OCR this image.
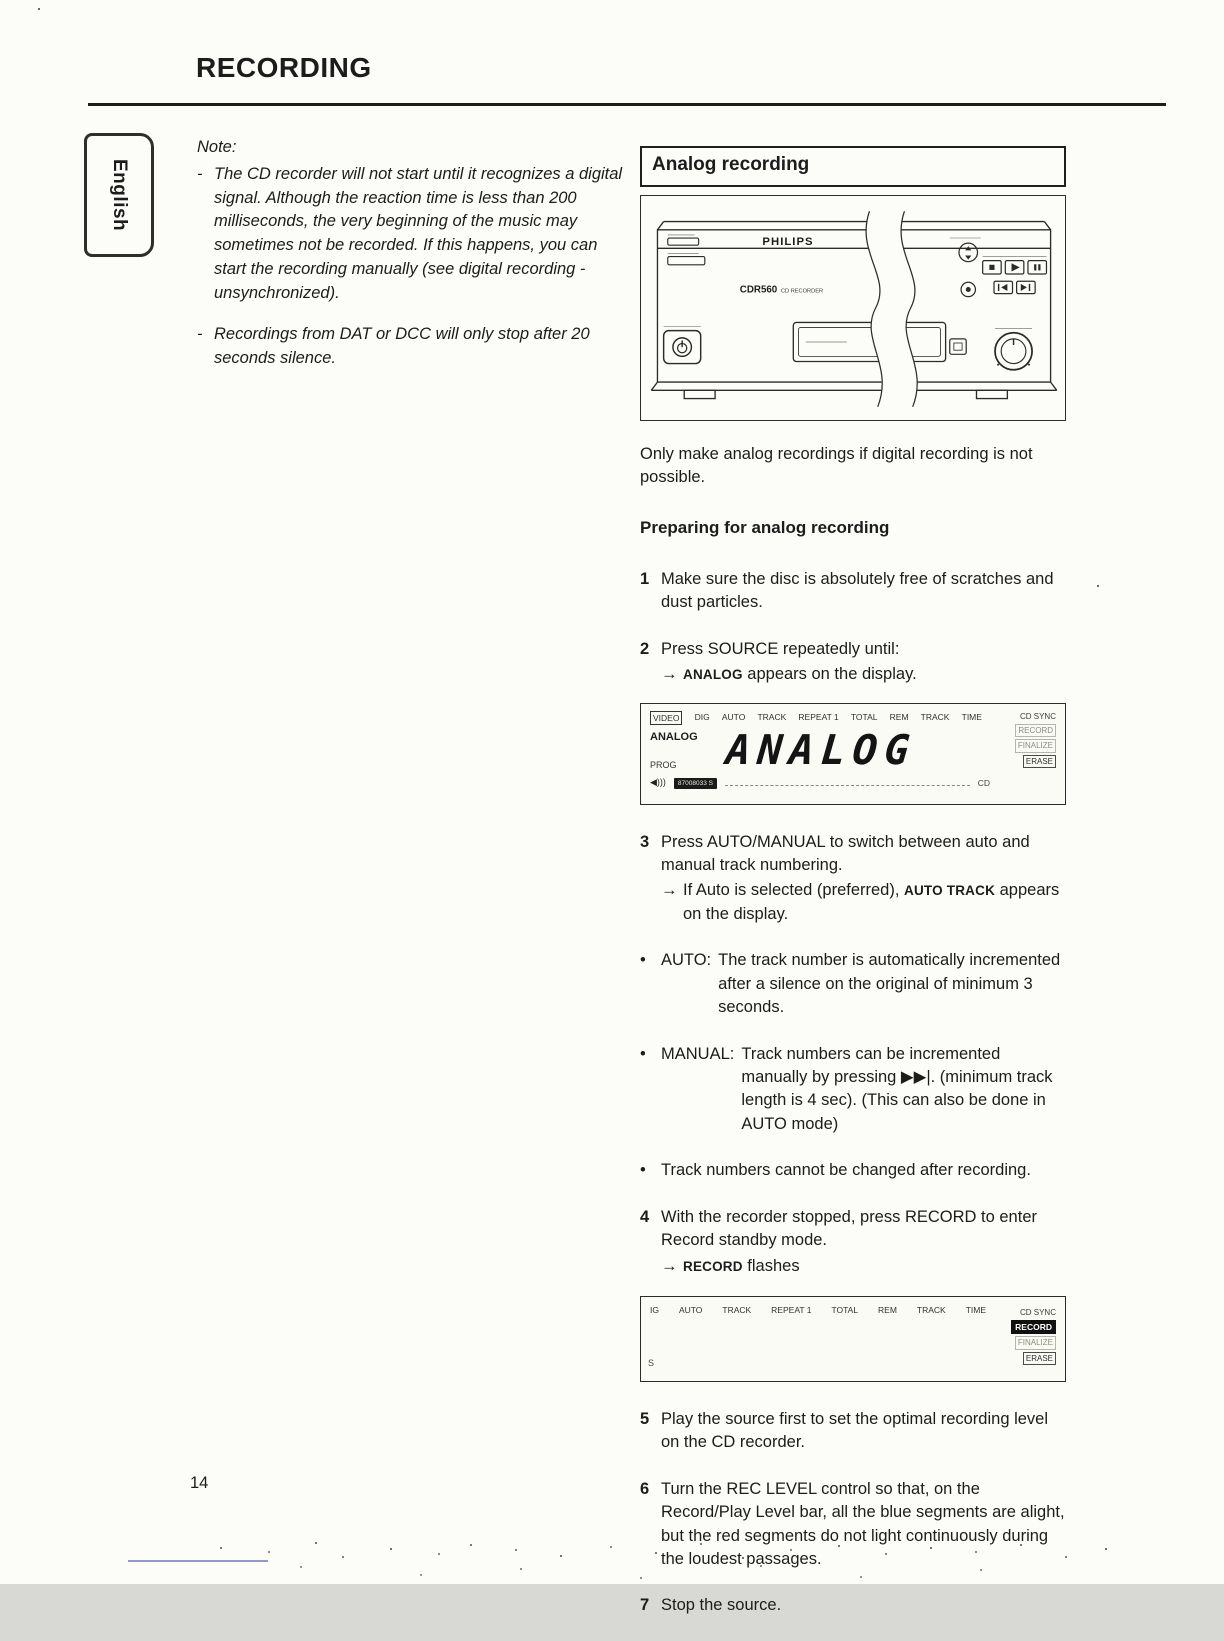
RECORDING
English
Note:
- The CD recorder will not start until it recognizes a digital signal. Although the reaction time is less than 200 milliseconds, the very beginning of the music may sometimes not be recorded. If this happens, you can start the recording manually (see digital recording - unsynchronized).
- Recordings from DAT or DCC will only stop after 20 seconds silence.
Analog recording
PHILIPS
CDR560 CD RECORDER
Only make analog recordings if digital recording is not possible.
Preparing for analog recording
1 Make sure the disc is absolutely free of scratches and dust particles.
2 Press SOURCE repeatedly until:
→ ANALOG appears on the display.
VIDEO	DIG AUTO TRACK REPEAT 1 TOTAL REM TRACK TIME
ANALOG
PROG	ANALOG
◀)))	87008033 S	CD
CD SYNC
RECORD
FINALIZE
ERASE
3 Press AUTO/MANUAL to switch between auto and manual track numbering.
→ If Auto is selected (preferred), AUTO TRACK appears on the display.
• AUTO: The track number is automatically incremented after a silence on the original of minimum 3 seconds.
• MANUAL: Track numbers can be incremented manually by pressing ▶▶|. (minimum track length is 4 sec). (This can also be done in AUTO mode)
• Track numbers cannot be changed after recording.
4 With the recorder stopped, press RECORD to enter Record standby mode.
→ RECORD flashes
IG AUTO TRACK REPEAT 1 TOTAL REM TRACK TIME
S
CD SYNC
RECORD
FINALIZE
ERASE
5 Play the source first to set the optimal recording level on the CD recorder.
6 Turn the REC LEVEL control so that, on the Record/Play Level bar, all the blue segments are alight, but the red segments do not light continuously during the loudest passages.
7 Stop the source.
14
